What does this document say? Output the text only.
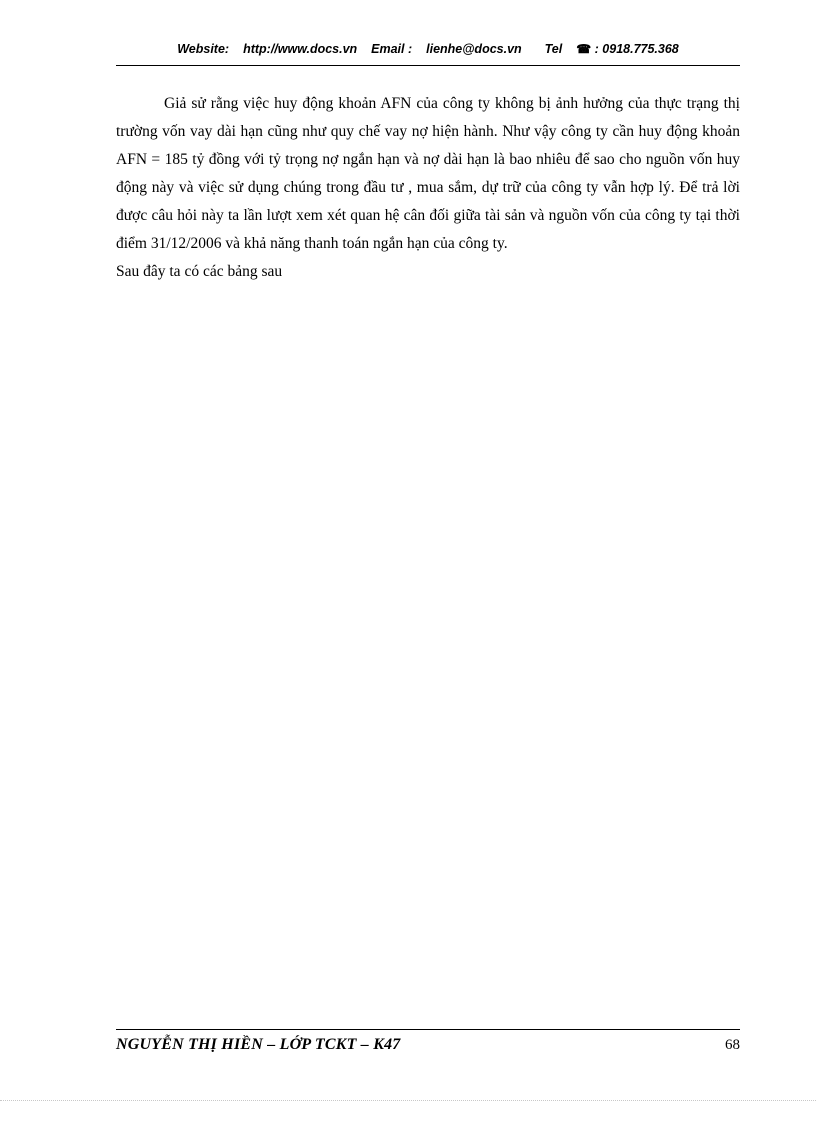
Website: http://www.docs.vn Email : lienhe@docs.vn Tel ☎ : 0918.775.368

Giả sử rằng việc huy động khoản AFN của công ty không bị ảnh hưởng của thực trạng thị trường vốn vay dài hạn cũng như quy chế vay nợ hiện hành. Như vậy công ty cần huy động khoản AFN = 185 tỷ đồng với tỷ trọng nợ ngắn hạn và nợ dài hạn là bao nhiêu để sao cho nguồn vốn huy động này và việc sử dụng chúng trong đầu tư , mua sắm, dự trữ của công ty vẫn hợp lý. Để trả lời được câu hỏi này ta lần lượt xem xét quan hệ cân đối giữa tài sản và nguồn vốn của công ty tại thời điểm 31/12/2006 và khả năng thanh toán ngắn hạn của công ty.

Sau đây ta có các bảng sau

NGUYỄN THỊ HIỀN – LỚP TCKT – K47	68
